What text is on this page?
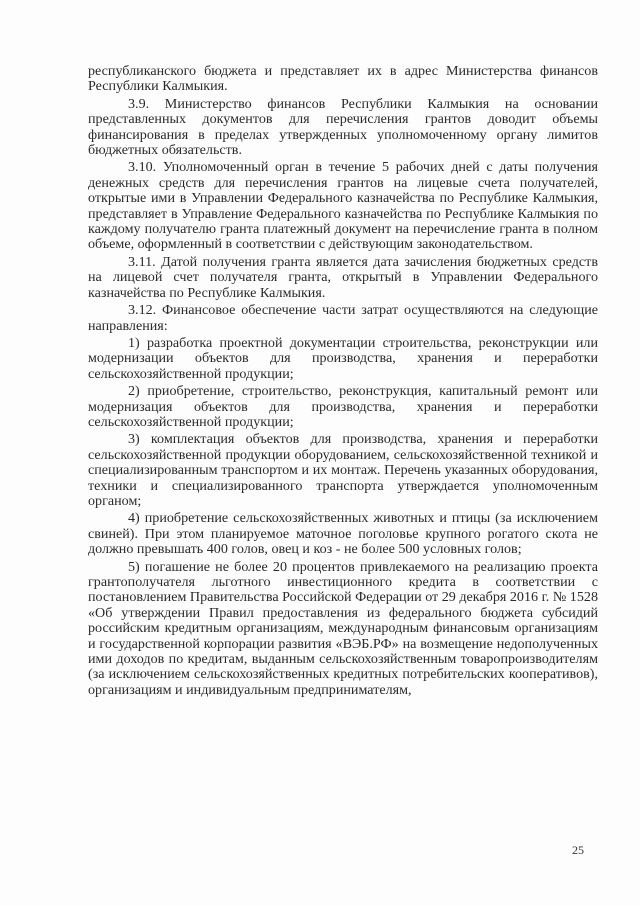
республиканского бюджета и представляет их в адрес Министерства финансов Республики Калмыкия.

3.9. Министерство финансов Республики Калмыкия на основании представленных документов для перечисления грантов доводит объемы финансирования в пределах утвержденных уполномоченному органу лимитов бюджетных обязательств.

3.10. Уполномоченный орган в течение 5 рабочих дней с даты получения денежных средств для перечисления грантов на лицевые счета получателей, открытые ими в Управлении Федерального казначейства по Республике Калмыкия, представляет в Управление Федерального казначейства по Республике Калмыкия по каждому получателю гранта платежный документ на перечисление гранта в полном объеме, оформленный в соответствии с действующим законодательством.

3.11. Датой получения гранта является дата зачисления бюджетных средств на лицевой счет получателя гранта, открытый в Управлении Федерального казначейства по Республике Калмыкия.

3.12. Финансовое обеспечение части затрат осуществляются на следующие направления:

1) разработка проектной документации строительства, реконструкции или модернизации объектов для производства, хранения и переработки сельскохозяйственной продукции;

2) приобретение, строительство, реконструкция, капитальный ремонт или модернизация объектов для производства, хранения и переработки сельскохозяйственной продукции;

3) комплектация объектов для производства, хранения и переработки сельскохозяйственной продукции оборудованием, сельскохозяйственной техникой и специализированным транспортом и их монтаж. Перечень указанных оборудования, техники и специализированного транспорта утверждается уполномоченным органом;

4) приобретение сельскохозяйственных животных и птицы (за исключением свиней). При этом планируемое маточное поголовье крупного рогатого скота не должно превышать 400 голов, овец и коз - не более 500 условных голов;

5) погашение не более 20 процентов привлекаемого на реализацию проекта грантополучателя льготного инвестиционного кредита в соответствии с постановлением Правительства Российской Федерации от 29 декабря 2016 г. № 1528 «Об утверждении Правил предоставления из федерального бюджета субсидий российским кредитным организациям, международным финансовым организациям и государственной корпорации развития «ВЭБ.РФ» на возмещение недополученных ими доходов по кредитам, выданным сельскохозяйственным товаропроизводителям (за исключением сельскохозяйственных кредитных потребительских кооперативов), организациям и индивидуальным предпринимателям,

25
